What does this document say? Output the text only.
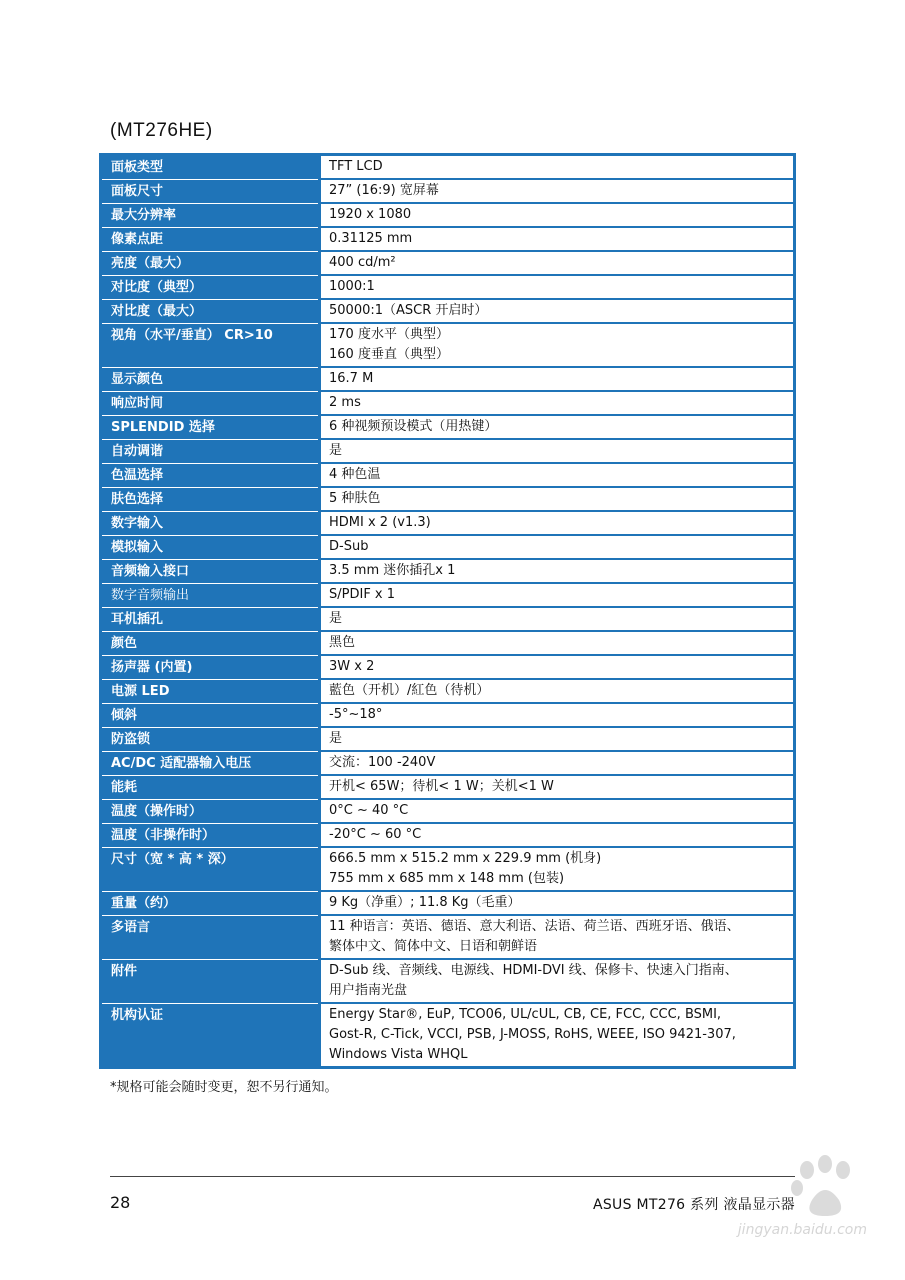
(MT276HE)
面板类型	TFT LCD

面板尺寸	27” (16:9) 宽屏幕

最大分辨率	1920 x 1080

像素点距	0.31125 mm

亮度（最大）	400 cd/m²

对比度（典型）	1000:1

对比度（最大）	50000:1（ASCR 开启时）

视角（水平/垂直） CR>10	170 度水平（典型）
160 度垂直（典型）

显示颜色	16.7 M

响应时间	2 ms

SPLENDID 选择	6 种视频预设模式（用热键）

自动调谐	是

色温选择	4 种色温

肤色选择	5 种肤色

数字输入	HDMI x 2 (v1.3)

模拟输入	D-Sub

音频输入接口	3.5 mm 迷你插孔x 1

数字音频输出	S/PDIF x 1

耳机插孔	是

颜色	黑色

扬声器 (内置)	3W x 2

电源 LED	藍色（开机）/紅色（待机）

倾斜	-5°~18°

防盗锁	是

AC/DC 适配器输入电压	交流：100 -240V

能耗	开机< 65W；待机< 1 W；关机<1 W

温度（操作时）	0°C ~ 40 °C

温度（非操作时）	-20°C ~ 60 °C

尺寸（宽 * 高 * 深）	666.5 mm x 515.2 mm x 229.9 mm (机身)
755 mm x 685 mm x 148 mm (包装)

重量（约）	9 Kg（净重）; 11.8 Kg（毛重）

多语言	11 种语言：英语、德语、意大利语、法语、荷兰语、西班牙语、俄语、
繁体中文、简体中文、日语和朝鲜语

附件	D-Sub 线、音频线、电源线、HDMI-DVI 线、保修卡、快速入门指南、
用户指南光盘

机构认证	Energy Star®, EuP, TCO06, UL/cUL, CB, CE, FCC, CCC, BSMI,
Gost-R, C-Tick, VCCI, PSB, J-MOSS, RoHS, WEEE, ISO 9421-307,
Windows Vista WHQL
*规格可能会随时变更，恕不另行通知。
28	ASUS MT276 系列 液晶显示器
jingyan.baidu.com
